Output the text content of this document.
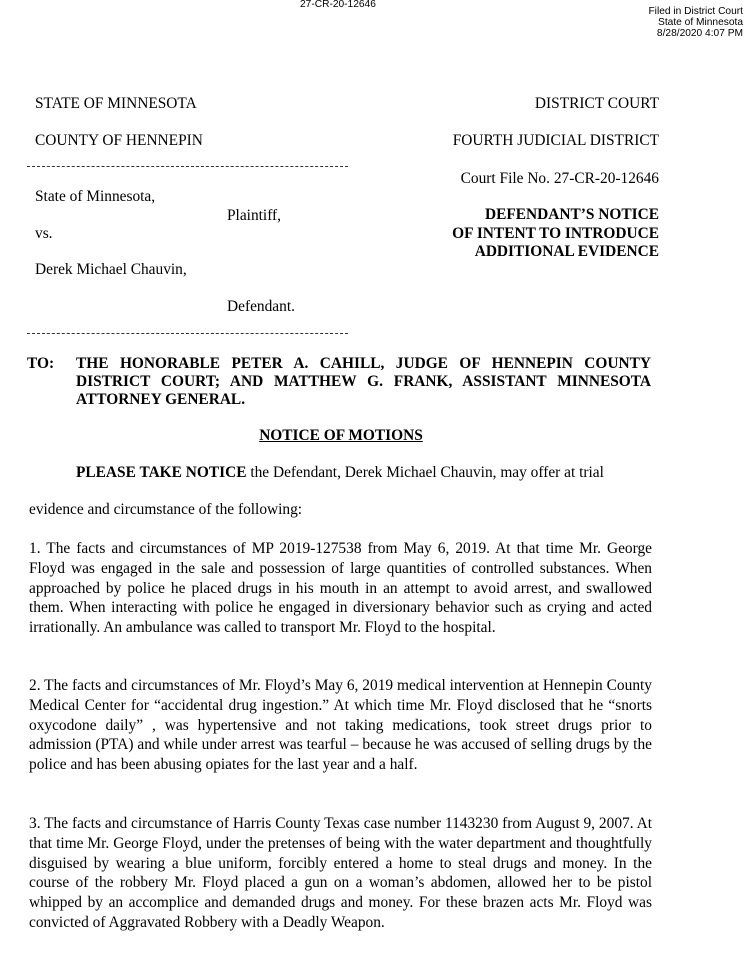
27-CR-20-12646
Filed in District Court
State of Minnesota
8/28/2020 4:07 PM
STATE OF MINNESOTA	DISTRICT COURT
COUNTY OF HENNEPIN	FOURTH JUDICIAL DISTRICT
Court File No. 27-CR-20-12646
State of Minnesota,
Plaintiff,	DEFENDANT’S NOTICE
OF INTENT TO INTRODUCE
ADDITIONAL EVIDENCE
vs.
Derek Michael Chauvin,
Defendant.
TO: THE HONORABLE PETER A. CAHILL, JUDGE OF HENNEPIN COUNTY DISTRICT COURT; AND MATTHEW G. FRANK, ASSISTANT MINNESOTA ATTORNEY GENERAL.
NOTICE OF MOTIONS
PLEASE TAKE NOTICE the Defendant, Derek Michael Chauvin, may offer at trial
evidence and circumstance of the following:
1. The facts and circumstances of MP 2019-127538 from May 6, 2019. At that time Mr. George Floyd was engaged in the sale and possession of large quantities of controlled substances. When approached by police he placed drugs in his mouth in an attempt to avoid arrest, and swallowed them. When interacting with police he engaged in diversionary behavior such as crying and acted irrationally. An ambulance was called to transport Mr. Floyd to the hospital.
2. The facts and circumstances of Mr. Floyd’s May 6, 2019 medical intervention at Hennepin County Medical Center for “accidental drug ingestion.” At which time Mr. Floyd disclosed that he “snorts oxycodone daily” , was hypertensive and not taking medications, took street drugs prior to admission (PTA) and while under arrest was tearful – because he was accused of selling drugs by the police and has been abusing opiates for the last year and a half.
3. The facts and circumstance of Harris County Texas case number 1143230 from August 9, 2007. At that time Mr. George Floyd, under the pretenses of being with the water department and thoughtfully disguised by wearing a blue uniform, forcibly entered a home to steal drugs and money. In the course of the robbery Mr. Floyd placed a gun on a woman’s abdomen, allowed her to be pistol whipped by an accomplice and demanded drugs and money. For these brazen acts Mr. Floyd was convicted of Aggravated Robbery with a Deadly Weapon.
